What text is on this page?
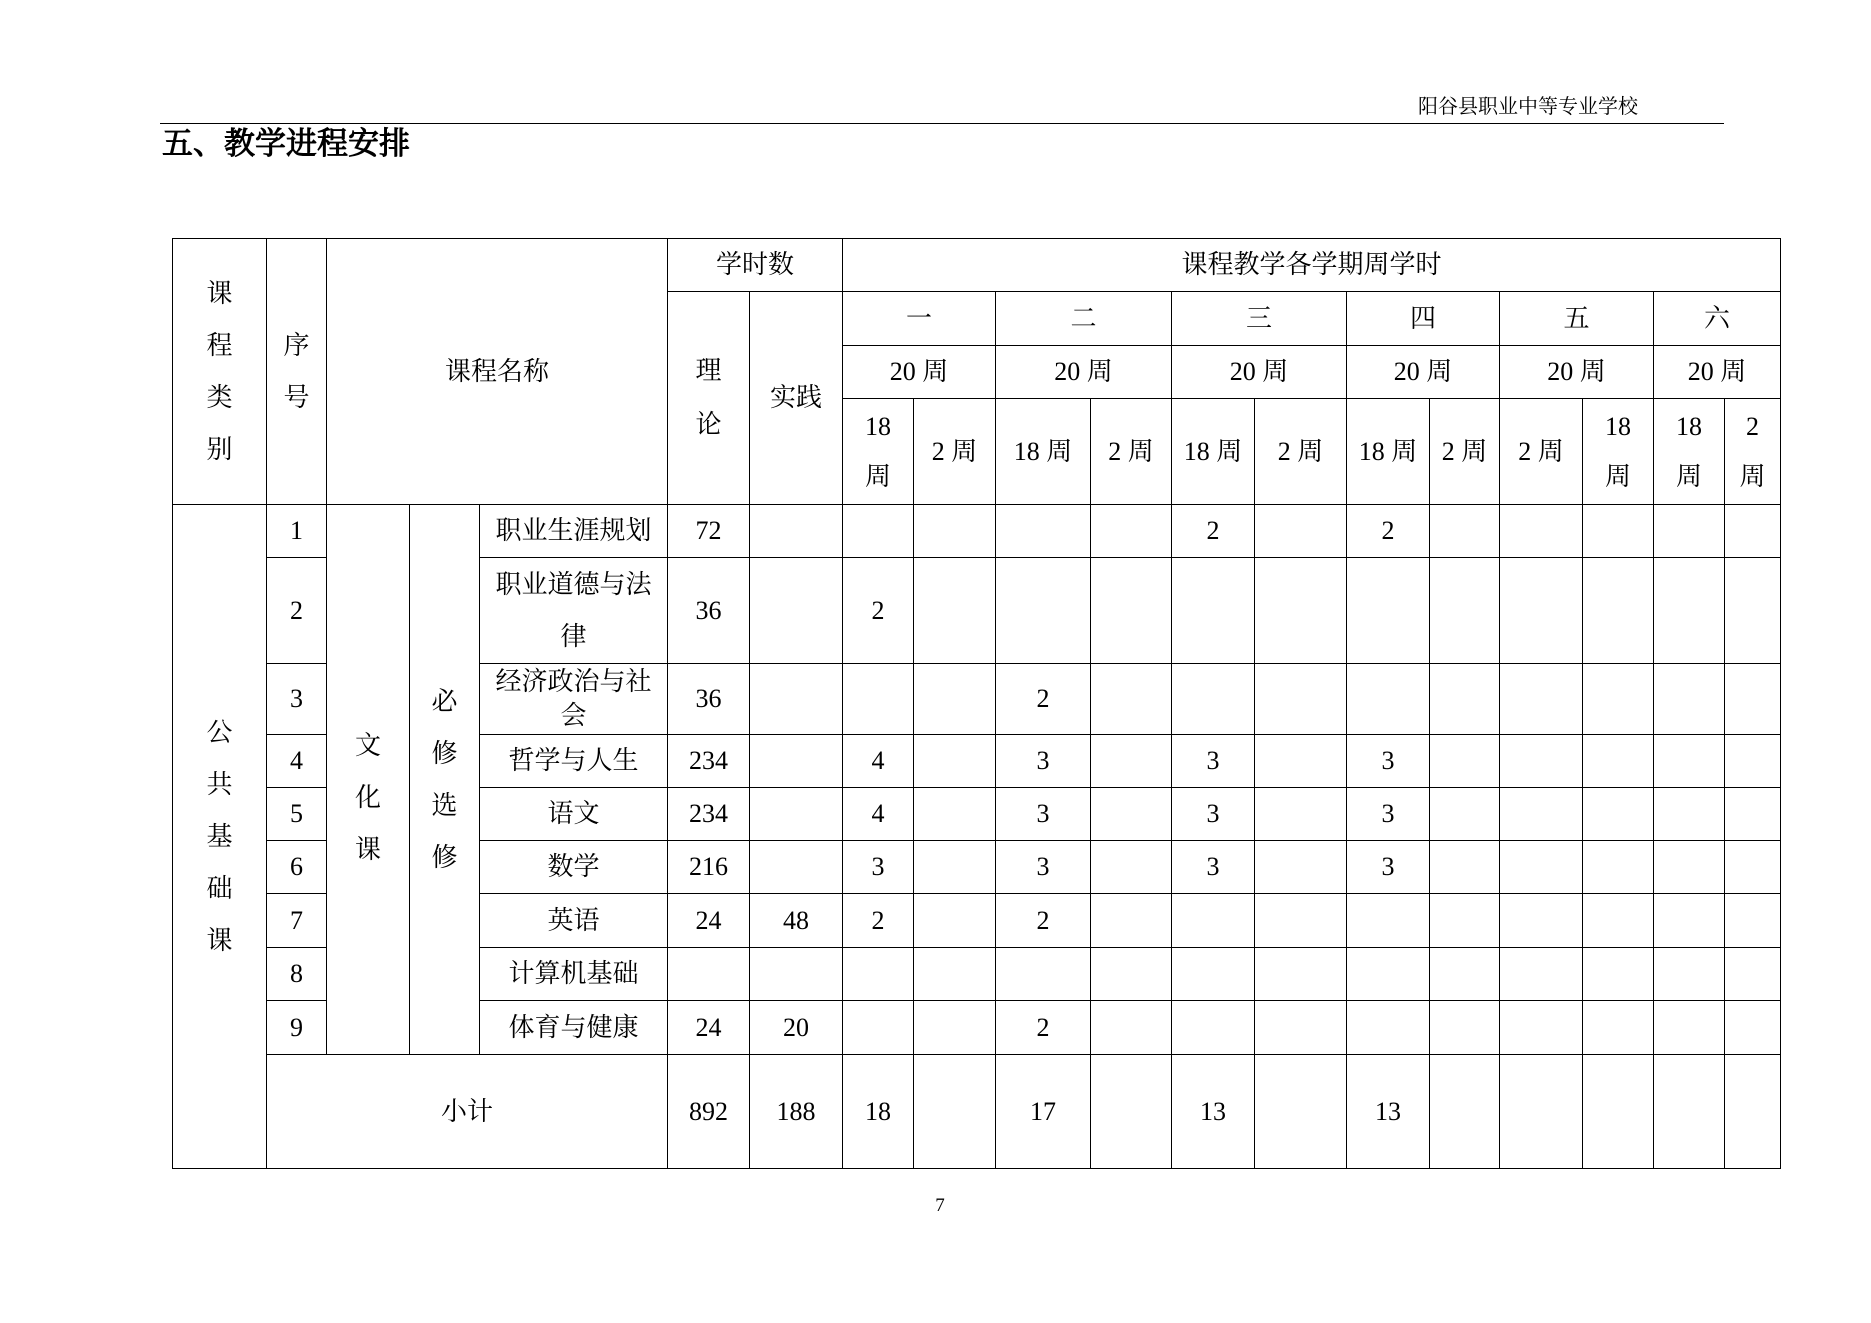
阳谷县职业中等专业学校
五、教学进程安排
课程类别	序号	课程名称			学时数		课程教学各学期周学时											
					理论	实践	一		二		三		四		五		六	
							20 周		20 周		20 周		20 周		20 周		20 周	
							18 周	2 周	18 周	2 周	18 周	2 周	18 周	2 周	2 周	18 周	18 周	2 周
公共基础课	1	文化课	必修选修	职业生涯规划	72						2		2					
	2			职业道德与法律	36		2											
	3			经济政治与社会	36				2									
	4			哲学与人生	234		4		3		3		3					
	5			语文	234		4		3		3		3					
	6			数学	216		3		3		3		3					
	7			英语	24	48	2		2									
	8			计算机基础														
	9			体育与健康	24	20			2									
	小计				892	188	18		17		13		13					
7
